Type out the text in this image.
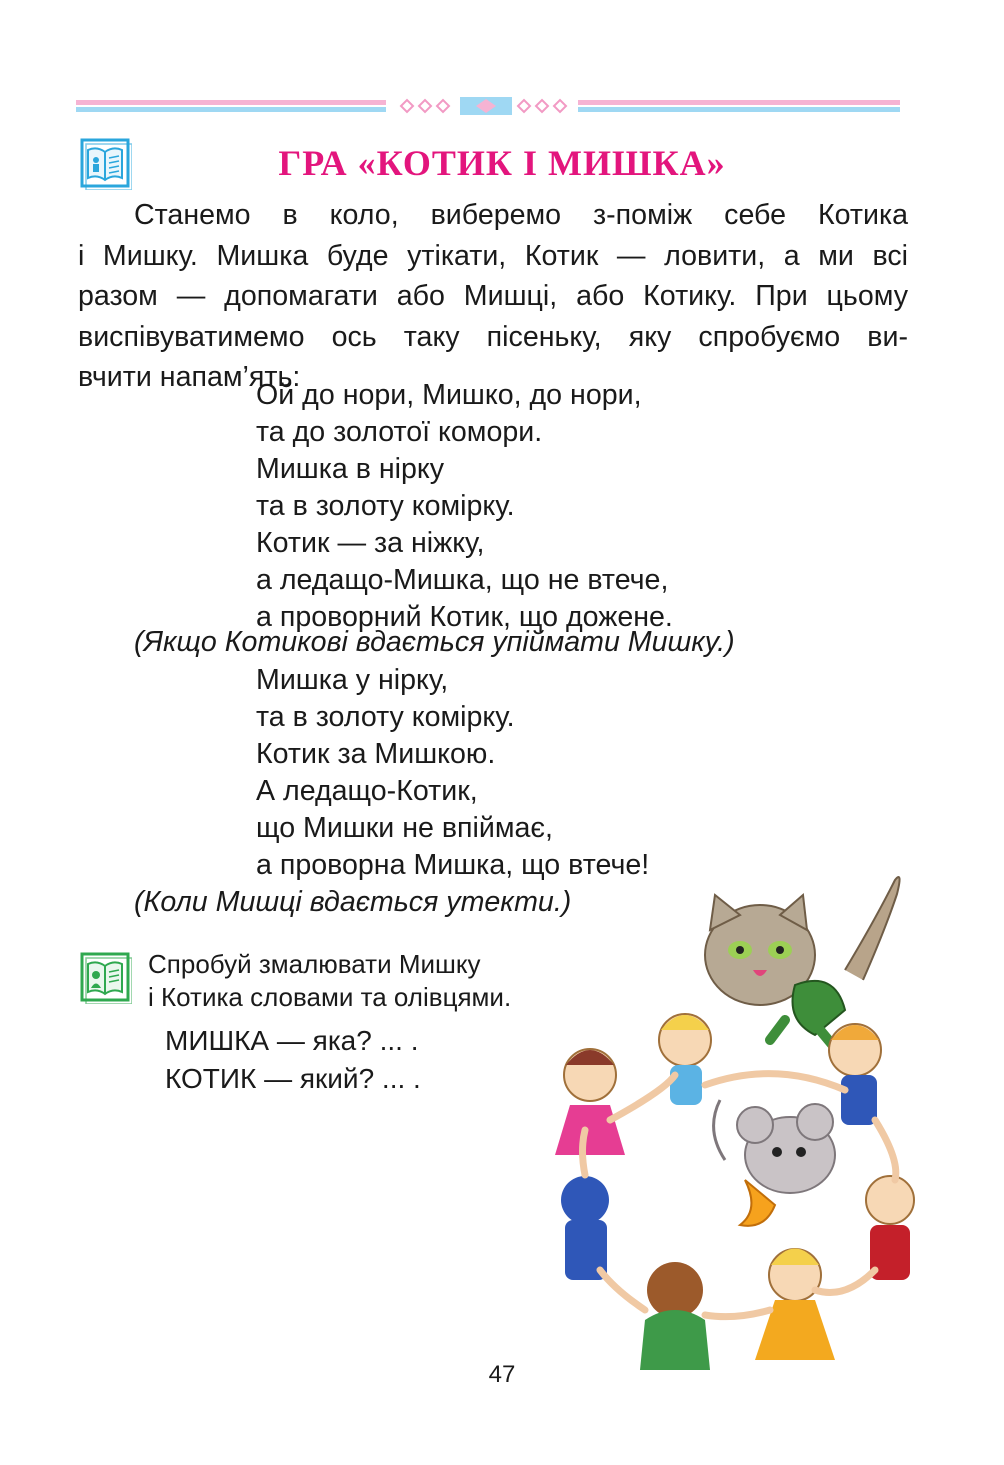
ГРА «КОТИК І МИШКА»
Станемо в коло, виберемо з-поміж себе Котика
і Мишку. Мишка буде утікати, Котик — ловити, а ми всі
разом — допомагати або Мишці, або Котику. При цьому
виспівуватимемо ось таку пісеньку, яку спробуємо ви-
вчити напам’ять:
Ой до нори, Мишко, до нори,
та до золотої комори.
Мишка в нірку
та в золоту комірку.
Котик — за ніжку,
а ледащо-Мишка, що не втече,
а проворний Котик, що дожене.
(Якщо Котикові вдається упіймати Мишку.)
Мишка у нірку,
та в золоту комірку.
Котик за Мишкою.
А ледащо-Котик,
що Мишки не впіймає,
а проворна Мишка, що втече!
(Коли Мишці вдається утекти.)
Спробуй змалювати Мишку
і Котика словами та олівцями.
МИШКА — яка? ... .
КОТИК — який? ... .
47
